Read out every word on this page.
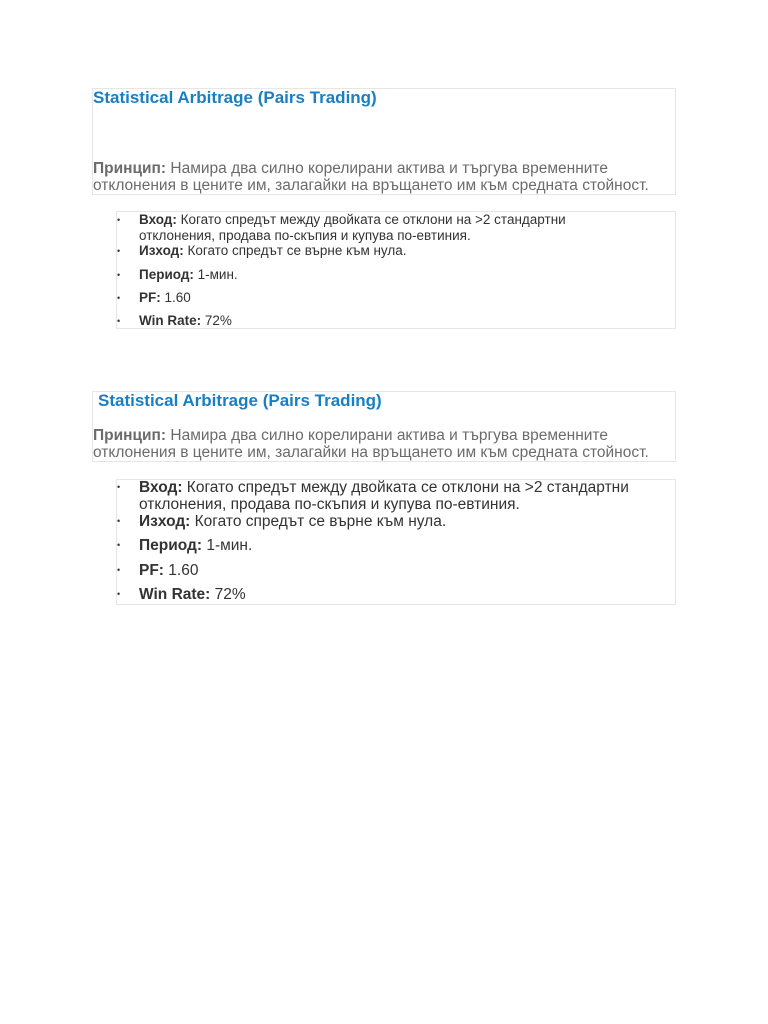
Statistical Arbitrage (Pairs Trading)

Принцип: Намира два силно корелирани актива и търгува временните
отклонения в цените им, залагайки на връщането им към средната стойност.

• Вход: Когато спредът между двойката се отклони на >2 стандартни
отклонения, продава по-скъпия и купува по-евтиния.
• Изход: Когато спредът се върне към нула.
• Период: 1-мин.
• PF: 1.60
• Win Rate: 72%
Statistical Arbitrage (Pairs Trading)

Принцип: Намира два силно корелирани актива и търгува временните
отклонения в цените им, залагайки на връщането им към средната стойност.

• Вход: Когато спредът между двойката се отклони на >2 стандартни
отклонения, продава по-скъпия и купува по-евтиния.
• Изход: Когато спредът се върне към нула.
• Период: 1-мин.
• PF: 1.60
• Win Rate: 72%
